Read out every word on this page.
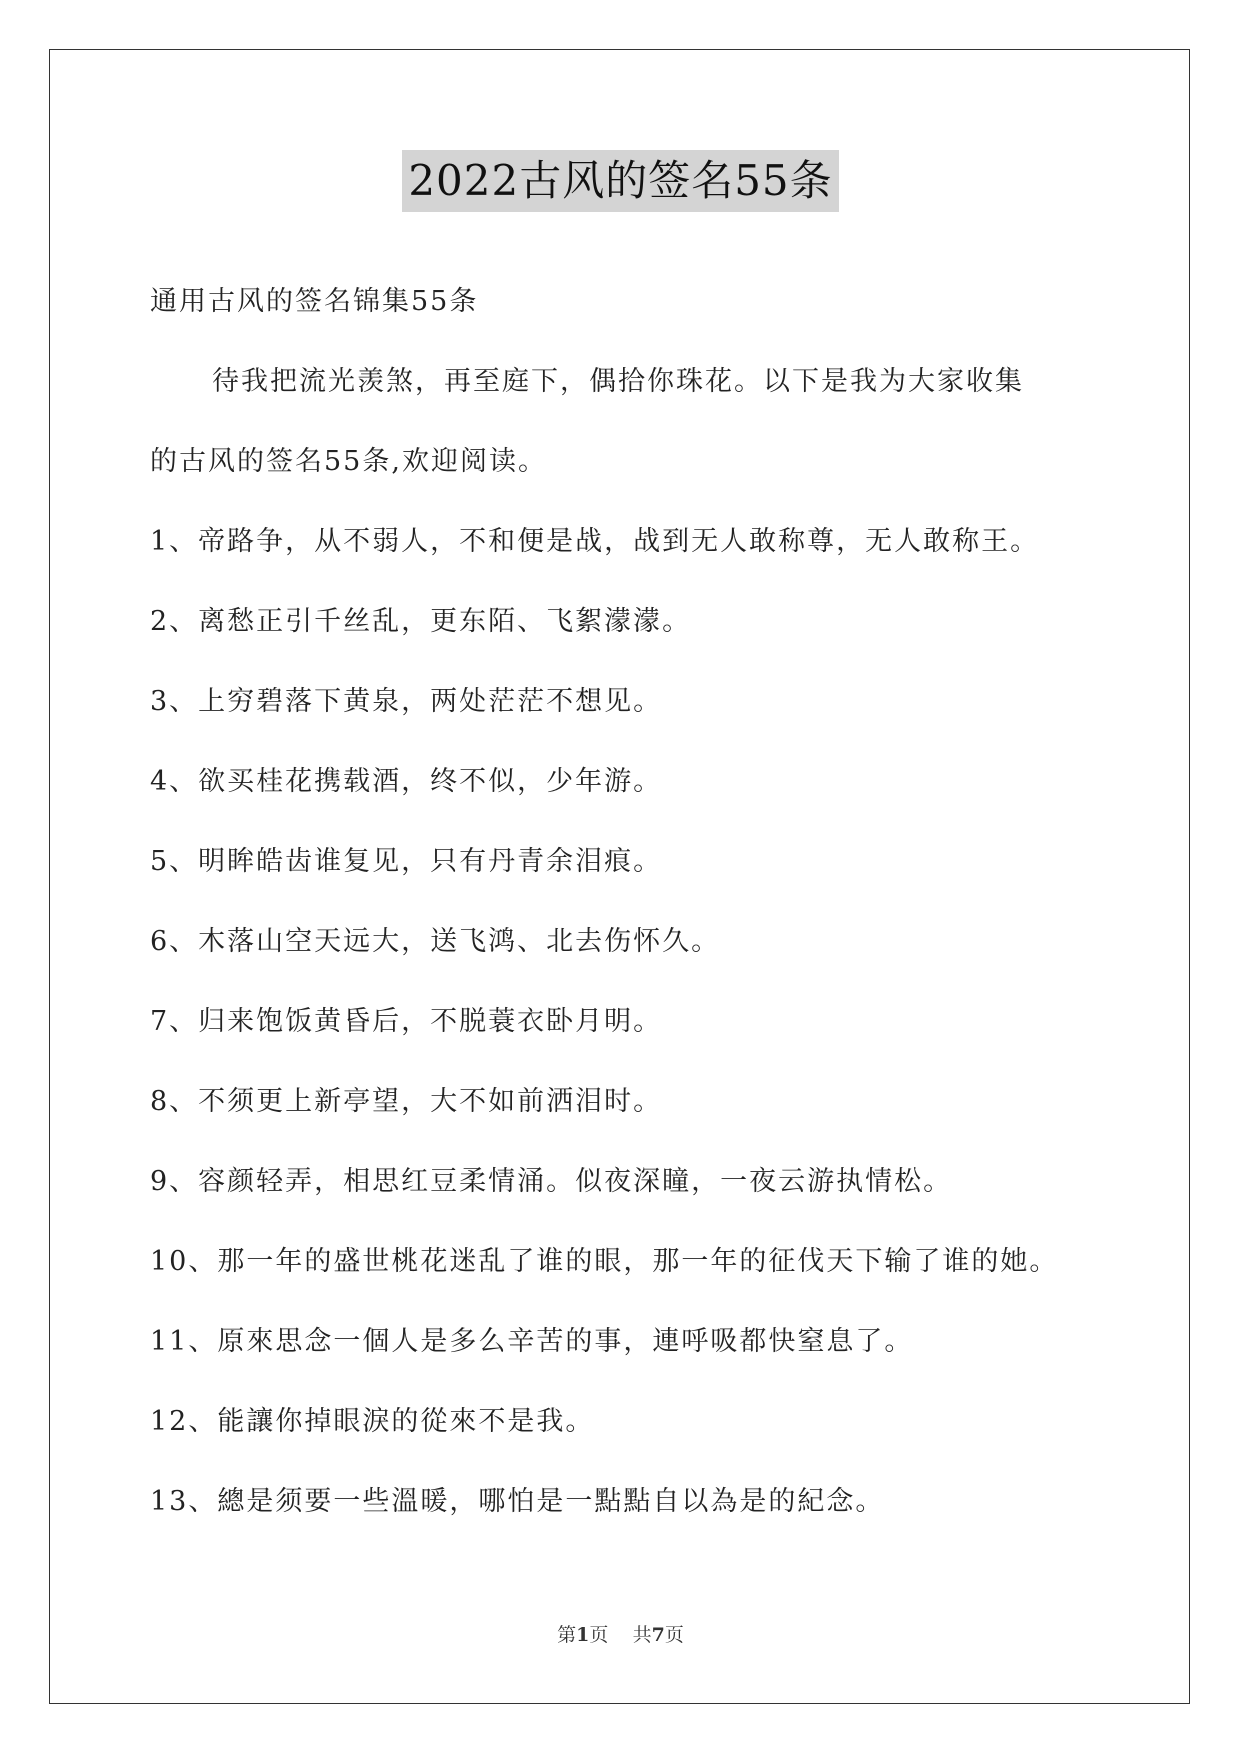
2022古风的签名55条

通用古风的签名锦集55条

待我把流光羡煞，再至庭下，偶拾你珠花。以下是我为大家收集

的古风的签名55条,欢迎阅读。

1、帝路争，从不弱人，不和便是战，战到无人敢称尊，无人敢称王。

2、离愁正引千丝乱，更东陌、飞絮濛濛。

3、上穷碧落下黄泉，两处茫茫不想见。

4、欲买桂花携载酒，终不似，少年游。

5、明眸皓齿谁复见，只有丹青余泪痕。

6、木落山空天远大，送飞鸿、北去伤怀久。

7、归来饱饭黄昏后，不脱蓑衣卧月明。

8、不须更上新亭望，大不如前洒泪时。

9、容颜轻弄，相思红豆柔情涌。似夜深瞳，一夜云游执情松。

10、那一年的盛世桃花迷乱了谁的眼，那一年的征伐天下输了谁的她。

11、原來思念一個人是多么辛苦的事，連呼吸都快窒息了。

12、能讓你掉眼淚的從來不是我。

13、總是须要一些溫暖，哪怕是一點點自以為是的紀念。

第1页 共7页
